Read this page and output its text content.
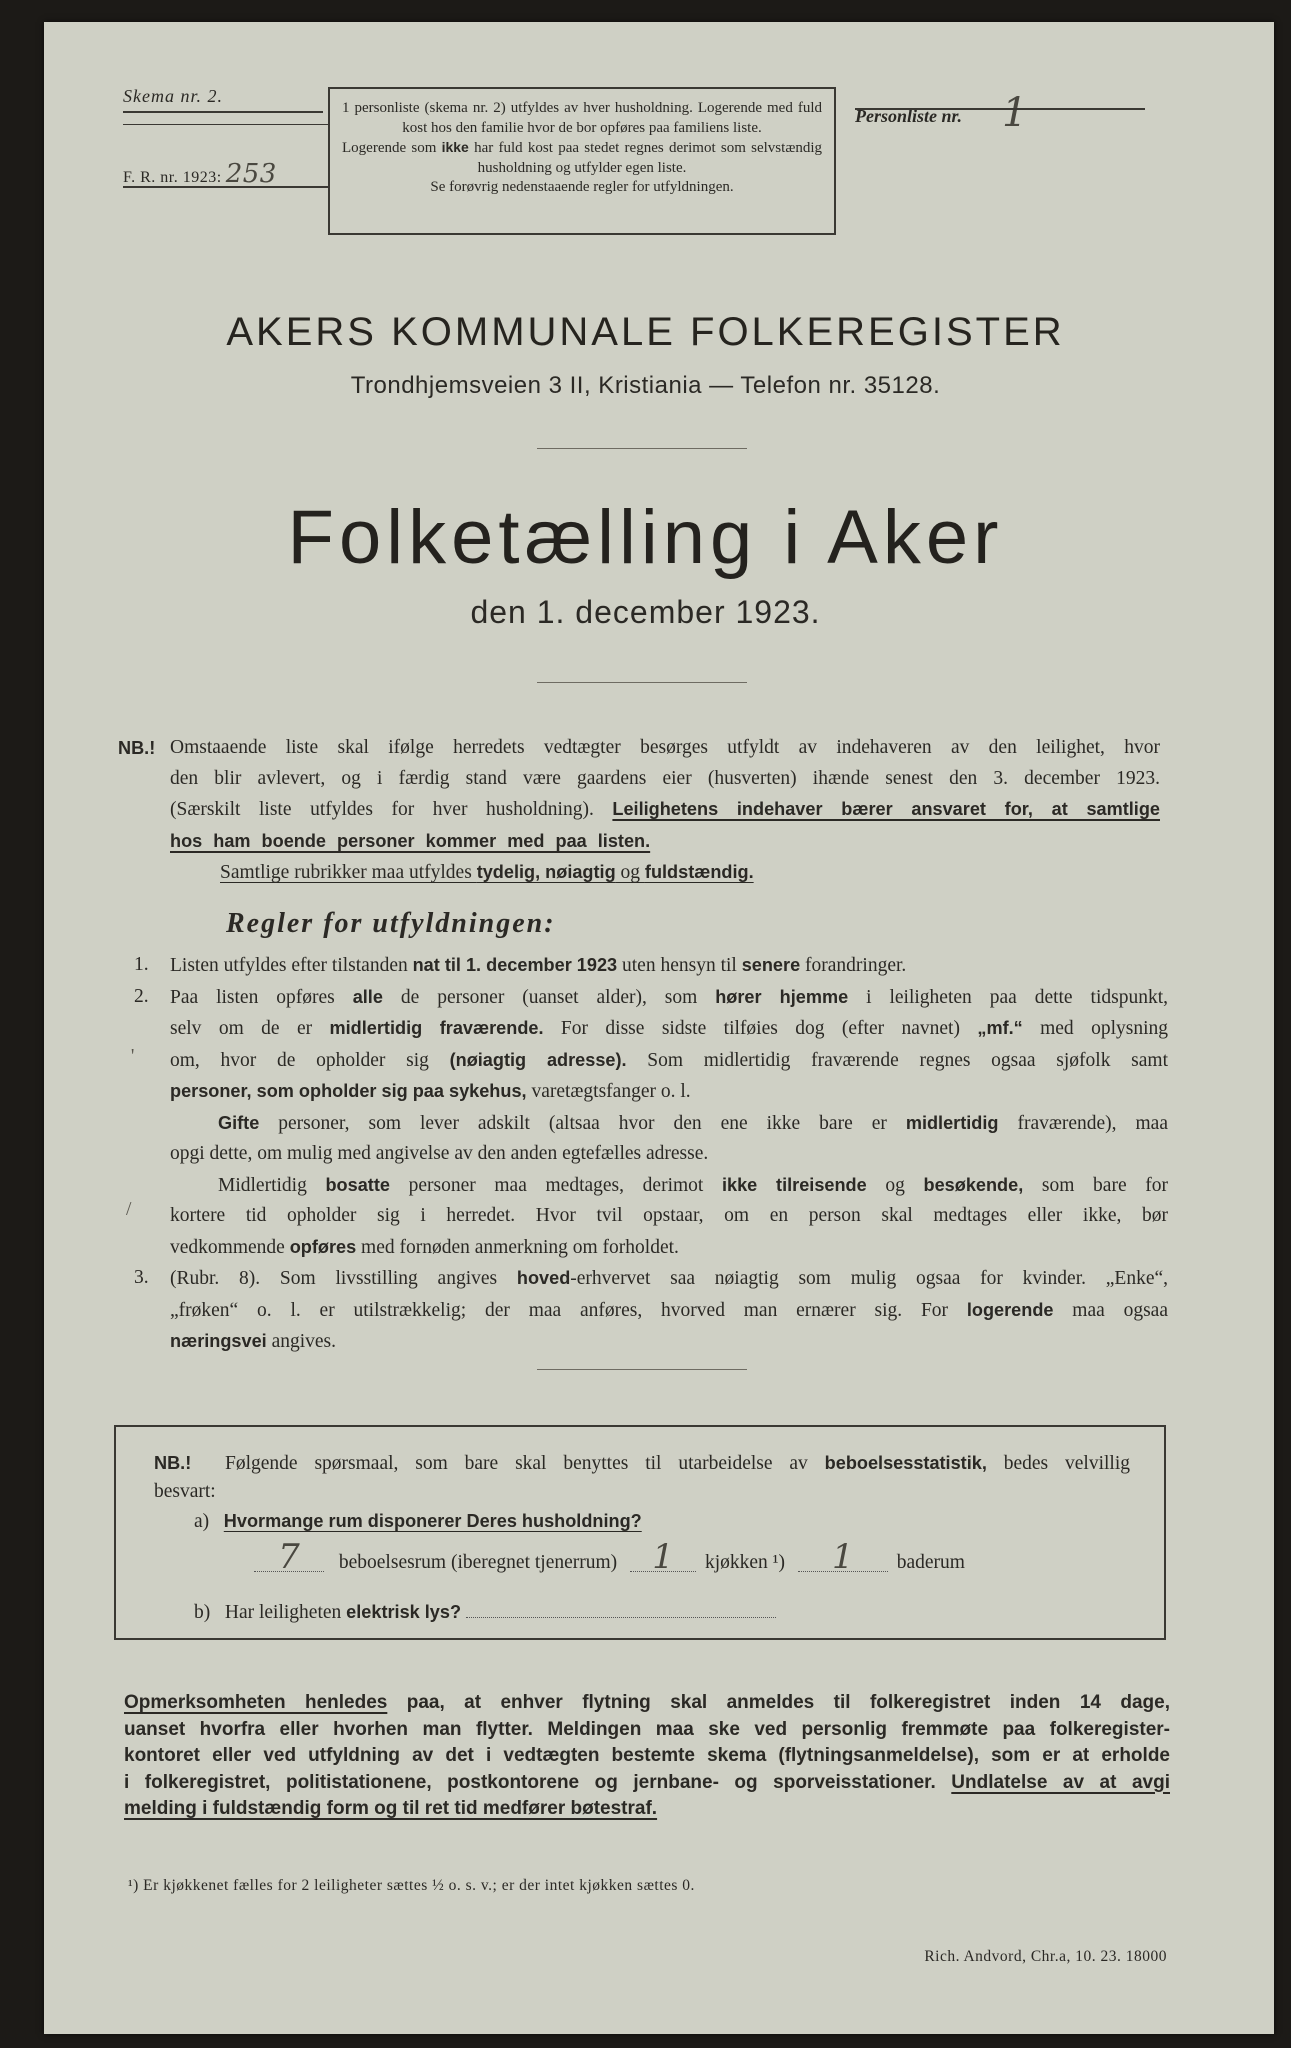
Skema nr. 2.
F. R. nr. 1923: 253
1 personliste (skema nr. 2) utfyldes av hver husholdning. Logerende med fuld kost hos den familie hvor de bor opføres paa familiens liste.
Logerende som ikke har fuld kost paa stedet regnes derimot som selvstændig husholdning og utfylder egen liste.
Se forøvrig nedenstaaende regler for utfyldningen.
Personliste nr. 1
AKERS KOMMUNALE FOLKEREGISTER
Trondhjemsveien 3 II, Kristiania — Telefon nr. 35128.
Folketælling i Aker
den 1. december 1923.
NB.! Omstaaende liste skal ifølge herredets vedtægter besørges utfyldt av indehaveren av den leilighet, hvor
den blir avlevert, og i færdig stand være gaardens eier (husverten) ihænde senest den 3. december 1923.
(Særskilt liste utfyldes for hver husholdning). Leilighetens indehaver bærer ansvaret for, at samtlige
hos ham boende personer kommer med paa listen.
Samtlige rubrikker maa utfyldes tydelig, nøiagtig og fuldstændig.
Regler for utfyldningen:
1. Listen utfyldes efter tilstanden nat til 1. december 1923 uten hensyn til senere forandringer.
2. Paa listen opføres alle de personer (uanset alder), som hører hjemme i leiligheten paa dette tidspunkt,
selv om de er midlertidig fraværende. For disse sidste tilføies dog (efter navnet) „mf.“ med oplysning
' om, hvor de opholder sig (nøiagtig adresse). Som midlertidig fraværende regnes ogsaa sjøfolk samt
personer, som opholder sig paa sykehus, varetægtsfanger o. l.
Gifte personer, som lever adskilt (altsaa hvor den ene ikke bare er midlertidig fraværende), maa
opgi dette, om mulig med angivelse av den anden egtefælles adresse.
Midlertidig bosatte personer maa medtages, derimot ikke tilreisende og besøkende, som bare for
/ kortere tid opholder sig i herredet. Hvor tvil opstaar, om en person skal medtages eller ikke, bør
vedkommende opføres med fornøden anmerkning om forholdet.
3. (Rubr. 8). Som livsstilling angives hoved-erhvervet saa nøiagtig som mulig ogsaa for kvinder. „Enke“,
„frøken“ o. l. er utilstrækkelig; der maa anføres, hvorved man ernærer sig. For logerende maa ogsaa
næringsvei angives.
NB.! Følgende spørsmaal, som bare skal benyttes til utarbeidelse av beboelsesstatistik, bedes velvillig
besvart:
a) Hvormange rum disponerer Deres husholdning?
7 beboelsesrum (iberegnet tjenerrum) 1 kjøkken ¹) 1 baderum
b) Har leiligheten elektrisk lys?
Opmerksomheten henledes paa, at enhver flytning skal anmeldes til folkeregistret inden 14 dage,
uanset hvorfra eller hvorhen man flytter. Meldingen maa ske ved personlig fremmøte paa folkeregister-
kontoret eller ved utfyldning av det i vedtægten bestemte skema (flytningsanmeldelse), som er at erholde
i folkeregistret, politistationene, postkontorene og jernbane- og sporveisstationer. Undlatelse av at avgi
melding i fuldstændig form og til ret tid medfører bøtestraf.
¹) Er kjøkkenet fælles for 2 leiligheter sættes ½ o. s. v.; er der intet kjøkken sættes 0.
Rich. Andvord, Chr.a, 10. 23. 18000
